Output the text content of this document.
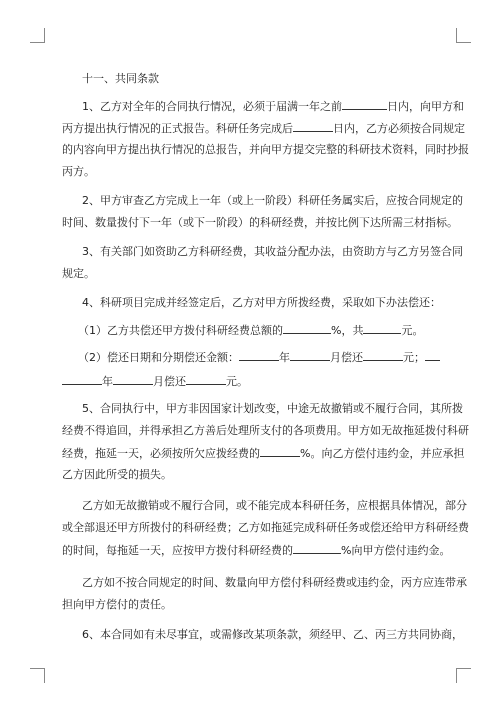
十一、共同条款
1、乙方对全年的合同执行情况，必须于届满一年之前	日内，向甲方和
丙方提出执行情况的正式报告。科研任务完成后	日内，乙方必须按合同规定
的内容向甲方提出执行情况的总报告，并向甲方提交完整的科研技术资料，同时抄报
丙方。
2、甲方审查乙方完成上一年（或上一阶段）科研任务属实后，应按合同规定的
时间、数量拨付下一年（或下一阶段）的科研经费，并按比例下达所需三材指标。
3、有关部门如资助乙方科研经费，其收益分配办法，由资助方与乙方另签合同
规定。
4、科研项目完成并经签定后，乙方对甲方所拨经费，采取如下办法偿还：
（1）乙方共偿还甲方拨付科研经费总额的	%，共	元。
（2）偿还日期和分期偿还金额：	年	月偿还	元；
年	月偿还	元。
5、合同执行中，甲方非因国家计划改变，中途无故撤销或不履行合同，其所拨
经费不得追回，并得承担乙方善后处理所支付的各项费用。甲方如无故拖延拨付科研
经费，拖延一天，必须按所欠应拨经费的	%。向乙方偿付违约金，并应承担
乙方因此所受的损失。
乙方如无故撤销或不履行合同，或不能完成本科研任务，应根据具体情况，部分
或全部退还甲方所拨付的科研经费；乙方如拖延完成科研任务或偿还给甲方科研经费
的时间，每拖延一天，应按甲方拨付科研经费的	%向甲方偿付违约金。
乙方如不按合同规定的时间、数量向甲方偿付科研经费或违约金，丙方应连带承
担向甲方偿付的责任。
6、本合同如有未尽事宜，或需修改某项条款，须经甲、乙、丙三方共同协商，
